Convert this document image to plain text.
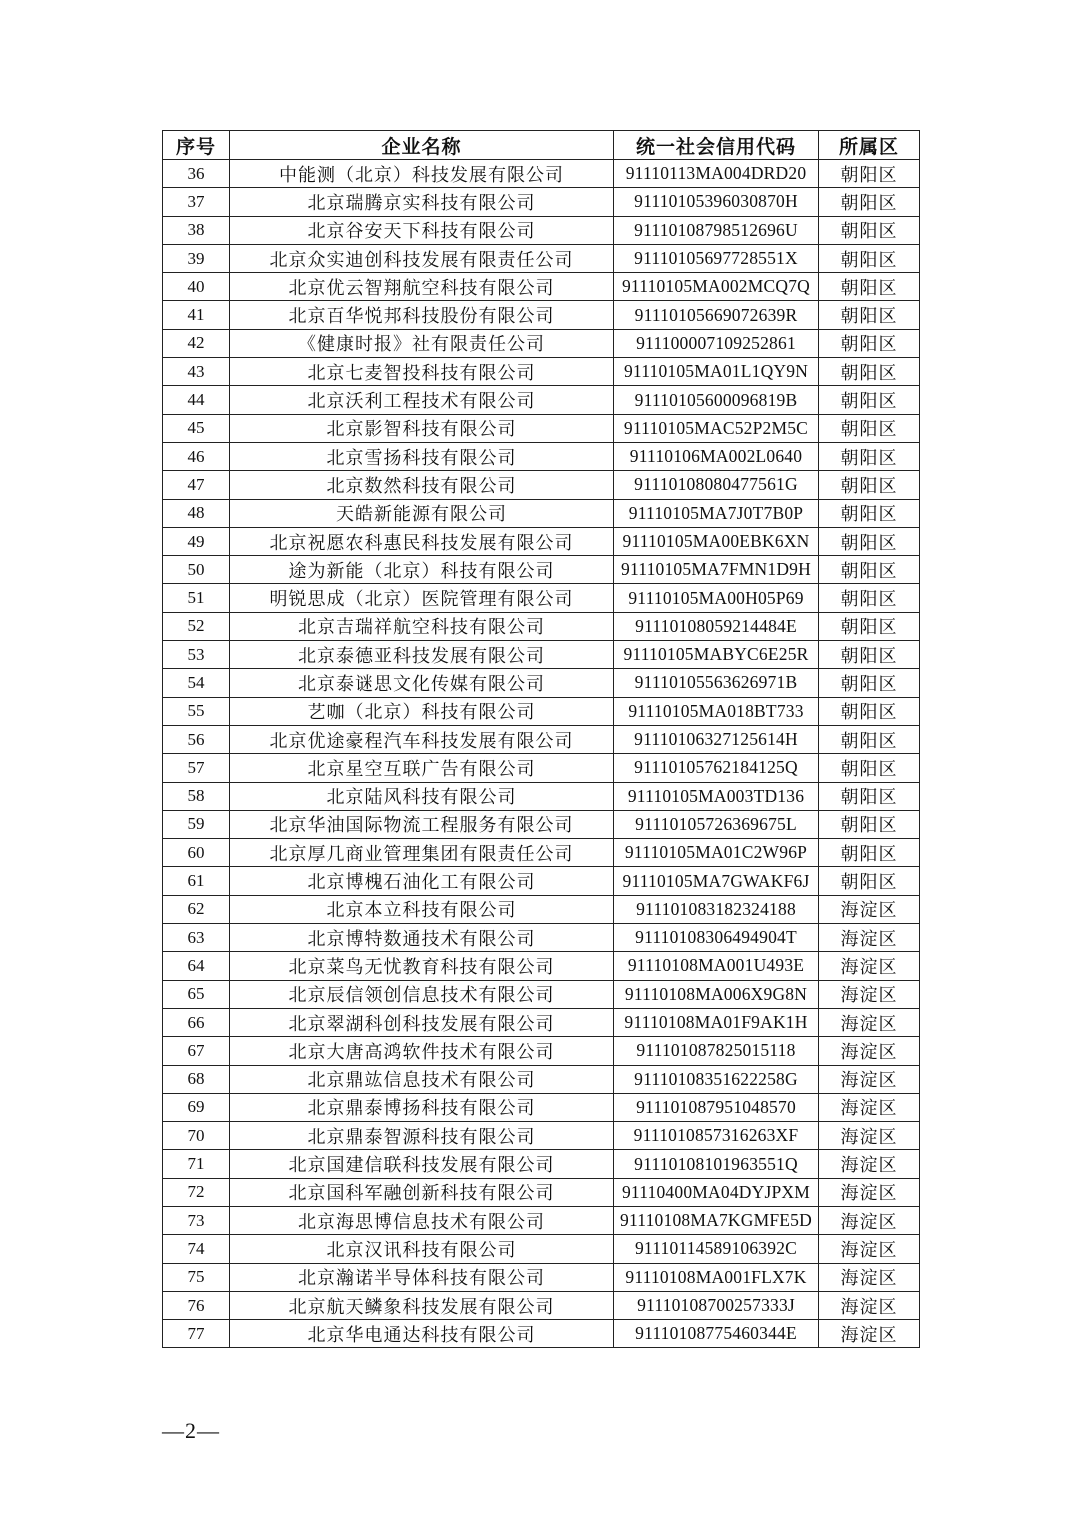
序号	企业名称	统一社会信用代码	所属区
36	中能测（北京）科技发展有限公司	91110113MA004DRD20	朝阳区
37	北京瑞腾京实科技有限公司	91110105396030870H	朝阳区
38	北京谷安天下科技有限公司	91110108798512696U	朝阳区
39	北京众实迪创科技发展有限责任公司	91110105697728551X	朝阳区
40	北京优云智翔航空科技有限公司	91110105MA002MCQ7Q	朝阳区
41	北京百华悦邦科技股份有限公司	91110105669072639R	朝阳区
42	《健康时报》社有限责任公司	911100007109252861	朝阳区
43	北京七麦智投科技有限公司	91110105MA01L1QY9N	朝阳区
44	北京沃利工程技术有限公司	91110105600096819B	朝阳区
45	北京影智科技有限公司	91110105MAC52P2M5C	朝阳区
46	北京雪扬科技有限公司	91110106MA002L0640	朝阳区
47	北京数然科技有限公司	91110108080477561G	朝阳区
48	天皓新能源有限公司	91110105MA7J0T7B0P	朝阳区
49	北京祝愿农科惠民科技发展有限公司	91110105MA00EBK6XN	朝阳区
50	途为新能（北京）科技有限公司	91110105MA7FMN1D9H	朝阳区
51	明锐思成（北京）医院管理有限公司	91110105MA00H05P69	朝阳区
52	北京吉瑞祥航空科技有限公司	91110108059214484E	朝阳区
53	北京泰德亚科技发展有限公司	91110105MABYC6E25R	朝阳区
54	北京泰谜思文化传媒有限公司	91110105563626971B	朝阳区
55	艺咖（北京）科技有限公司	91110105MA018BT733	朝阳区
56	北京优途豪程汽车科技发展有限公司	91110106327125614H	朝阳区
57	北京星空互联广告有限公司	91110105762184125Q	朝阳区
58	北京陆风科技有限公司	91110105MA003TD136	朝阳区
59	北京华油国际物流工程服务有限公司	91110105726369675L	朝阳区
60	北京厚几商业管理集团有限责任公司	91110105MA01C2W96P	朝阳区
61	北京博槐石油化工有限公司	91110105MA7GWAKF6J	朝阳区
62	北京本立科技有限公司	911101083182324188	海淀区
63	北京博特数通技术有限公司	91110108306494904T	海淀区
64	北京菜鸟无忧教育科技有限公司	91110108MA001U493E	海淀区
65	北京辰信领创信息技术有限公司	91110108MA006X9G8N	海淀区
66	北京翠湖科创科技发展有限公司	91110108MA01F9AK1H	海淀区
67	北京大唐高鸿软件技术有限公司	911101087825015118	海淀区
68	北京鼎竑信息技术有限公司	91110108351622258G	海淀区
69	北京鼎泰博扬科技有限公司	911101087951048570	海淀区
70	北京鼎泰智源科技有限公司	9111010857316263XF	海淀区
71	北京国建信联科技发展有限公司	91110108101963551Q	海淀区
72	北京国科军融创新科技有限公司	91110400MA04DYJPXM	海淀区
73	北京海思博信息技术有限公司	91110108MA7KGMFE5D	海淀区
74	北京汉讯科技有限公司	91110114589106392C	海淀区
75	北京瀚诺半导体科技有限公司	91110108MA001FLX7K	海淀区
76	北京航天鳞象科技发展有限公司	91110108700257333J	海淀区
77	北京华电通达科技有限公司	91110108775460344E	海淀区
—2—
